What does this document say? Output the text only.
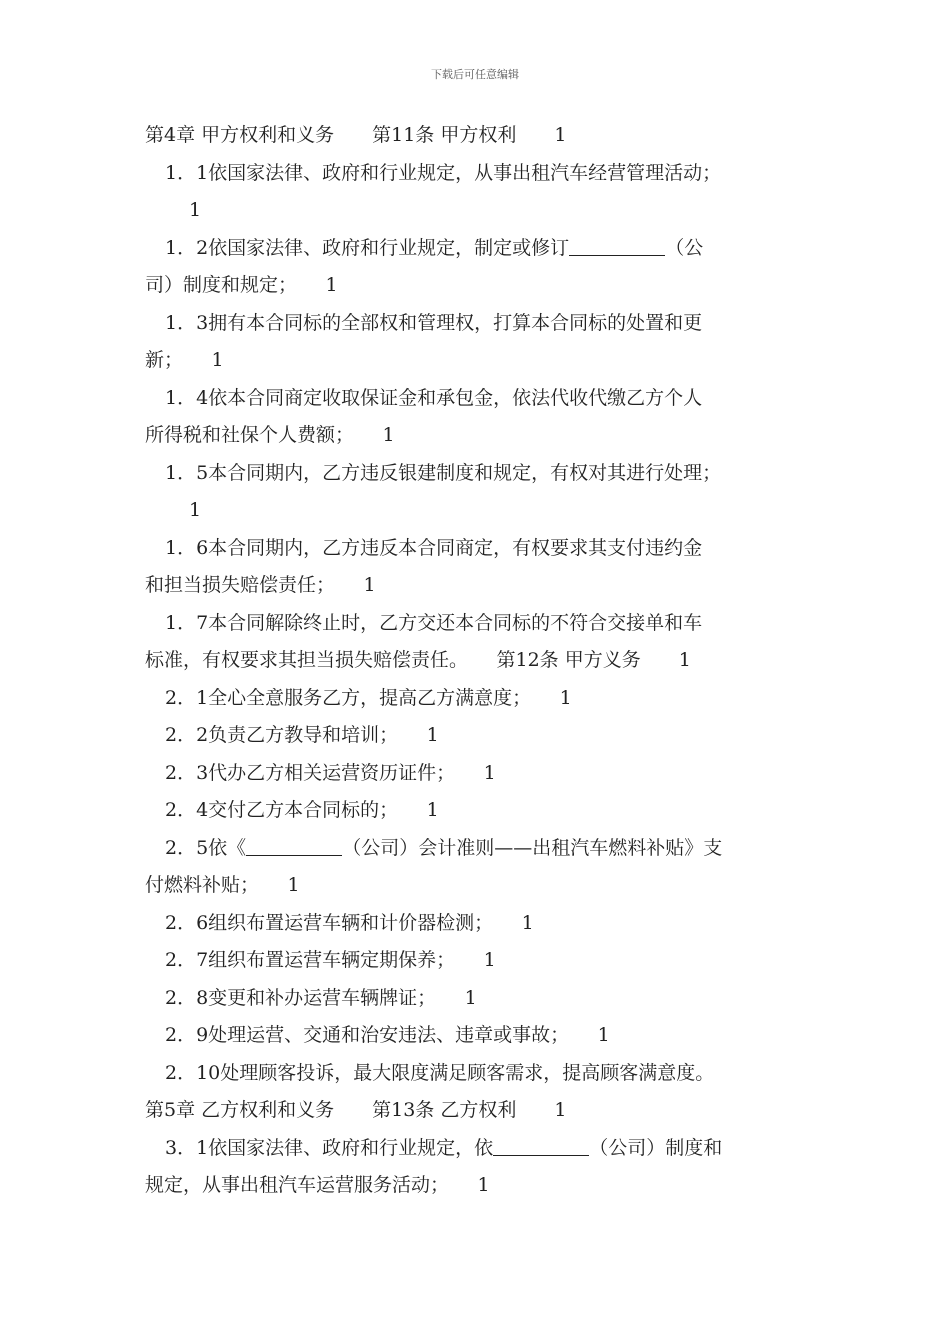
下载后可任意编辑
第4章 甲方权利和义务　　第11条 甲方权利　　1
1．1依国家法律、政府和行业规定，从事出租汽车经营管理活动；
1
1．2依国家法律、政府和行业规定，制定或修订	（公
司）制度和规定；　　1
1．3拥有本合同标的全部权和管理权，打算本合同标的处置和更
新；　　1
1．4依本合同商定收取保证金和承包金，依法代收代缴乙方个人
所得税和社保个人费额；　　1
1．5本合同期内，乙方违反银建制度和规定，有权对其进行处理；
1
1．6本合同期内，乙方违反本合同商定，有权要求其支付违约金
和担当损失赔偿责任；　　1
1．7本合同解除终止时，乙方交还本合同标的不符合交接单和车
标准，有权要求其担当损失赔偿责任。　　第12条 甲方义务　　1
2．1全心全意服务乙方，提高乙方满意度；　　1
2．2负责乙方教导和培训；　　1
2．3代办乙方相关运营资历证件；　　1
2．4交付乙方本合同标的；　　1
2．5依《	（公司）会计准则——出租汽车燃料补贴》支
付燃料补贴；　　1
2．6组织布置运营车辆和计价器检测；　　1
2．7组织布置运营车辆定期保养；　　1
2．8变更和补办运营车辆牌证；　　1
2．9处理运营、交通和治安违法、违章或事故；　　1
2．10处理顾客投诉，最大限度满足顾客需求，提高顾客满意度。
第5章 乙方权利和义务　　第13条 乙方权利　　1
3．1依国家法律、政府和行业规定，依	（公司）制度和
规定，从事出租汽车运营服务活动；　　1
